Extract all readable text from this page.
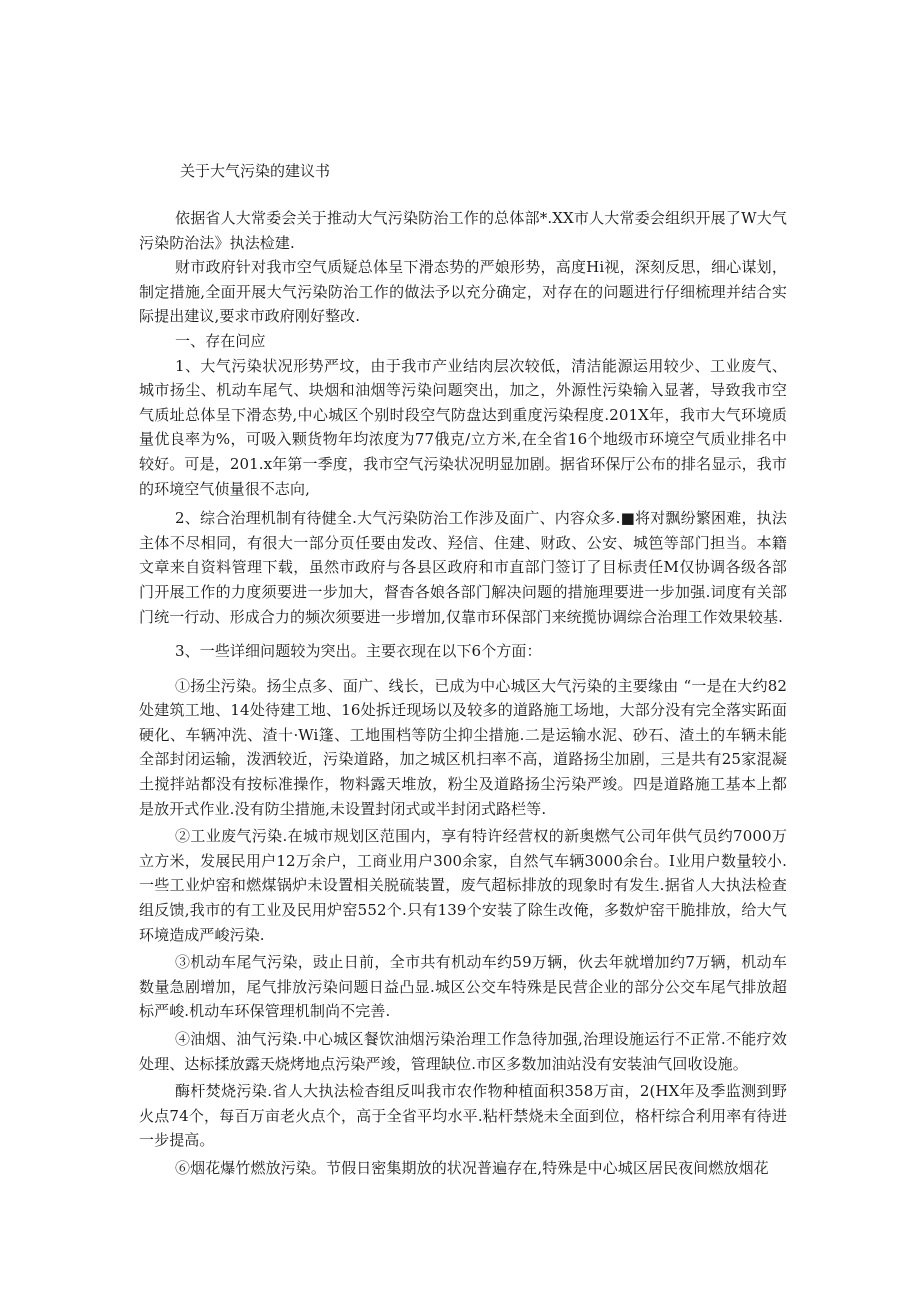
关于大气污染的建议书

依据省人大常委会关于推动大气污染防治工作的总体部*.XX市人大常委会组织开展了W大气污染防治法》执法检建.

财市政府针对我市空气质疑总体呈下滑态势的严娘形势，高度Hi视，深刻反思，细心谋划，制定措施,全面开展大气污染防治工作的做法予以充分确定，对存在的问题进行仔细梳理并结合实际提出建议,要求市政府刚好整改.

一、存在问应

1、大气污染状况形势严坟，由于我市产业结肉层次较低，清洁能源运用较少、工业废气、城市扬尘、机动车尾气、块烟和油烟等污染问题突出，加之，外源性污染输入显著，导致我市空气质址总体呈下滑态势,中心城区个别时段空气防盘达到重度污染程度.201X年，我市大气环境质量优良率为%，可吸入颗货物年均浓度为77俄克/立方米,在全省16个地级市环境空气质业排名中较好。可是，201.x年第一季度，我市空气污染状况明显加剧。据省环保厅公布的排名显示，我市的环境空气侦量很不志向,

2、综合治理机制有待健全.大气污染防治工作涉及面广、内容众多.■将对飘纷繁困难，执法主体不尽相同，有很大一部分页任要由发改、羟信、住建、财政、公安、城笆等部门担当。本籍文章来自资料管理下载，虽然市政府与各县区政府和市直部门签订了目标责任M仅协调各级各部门开展工作的力度须要进一步加大，督杳各娘各部门解决问题的措施理要进一步加强.词度有关部门统一行动、形成合力的频次须要进一步增加,仅靠市环保部门来统揽协调综合治理工作效果较基.

3、一些详细问题较为突出。主要衣现在以下6个方面：

①扬尘污染。扬尘点多、面广、线长，已成为中心城区大气污染的主要缘由 “一是在大约82处建筑工地、14处待建工地、16处拆迁现场以及较多的道路施工场地，大部分没有完全落实跖面硬化、车辆冲洗、渣十·Wi篷、工地围档等防尘抑尘措施.二是运输水泥、砂石、渣土的车辆未能全部封闭运输，泼洒较近，污染道路，加之城区机扫率不高，道路扬尘加剧，三是共有25家混凝土搅拌站都没有按标准操作，物料露天堆放，粉尘及道路扬尘污染严竣。四是道路施工基本上都是放开式作业.没有防尘措施,未设置封闭式或半封闭式路栏等.

②工业废气污染.在城市规划区范围内，享有特许经营权的新奥燃气公司年供气员约7000万立方米，发展民用户12万余户，工商业用户300余家，自然气车辆3000余台。I业用户数量较小.一些工业炉窑和燃煤锅炉未设置相关脱硫装置，废气超标排放的现象时有发生.据省人大执法检查组反馈,我市的有工业及民用炉窑552个.只有139个安装了除生改俺，多数炉窑干脆排放，给大气环境造成严峻污染.

③机动车尾气污染，豉止日前，全市共有机动车约59万辆，伙去年就增加约7万辆，机动车数量急剧增加，尾气排放污染问题日益凸显.城区公交车特殊是民营企业的部分公交车尾气排放超标严峻.机动车环保管理机制尚不完善.

④油烟、油气污染.中心城区餐饮油烟污染治理工作急待加强,治理设施运行不正常.不能疗效处理、达标揉放露天烧烤地点污染严竣，管理缺位.市区多数加油站没有安装油气回收设施。

酶杆焚烧污染.省人大执法检杳组反叫我市农作物种植面积358万亩，2(HX年及季监测到野火点74个，每百万亩老火点个，高于全省平均水平.粘杆禁烧未全面到位，格杆综合利用率有待进一步提高。

⑥烟花爆竹燃放污染。节假日密集期放的状况普遍存在,特殊是中心城区居民夜间燃放烟花
